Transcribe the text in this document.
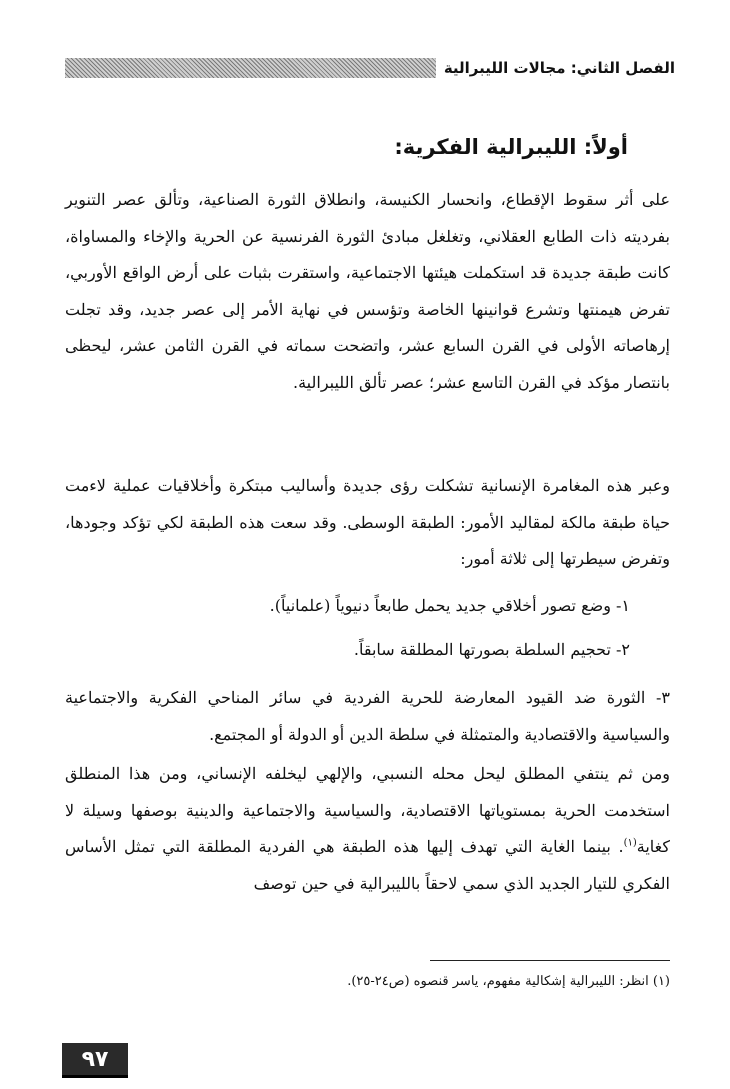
الفصل الثاني: مجالات الليبرالية
أولاً: الليبرالية الفكرية:

على أثر سقوط الإقطاع، وانحسار الكنيسة، وانطلاق الثورة الصناعية، وتألق عصر التنوير بفرديته ذات الطابع العقلاني، وتغلغل مبادئ الثورة الفرنسية عن الحرية والإخاء والمساواة، كانت طبقة جديدة قد استكملت هيئتها الاجتماعية، واستقرت بثبات على أرض الواقع الأوربي، تفرض هيمنتها وتشرع قوانينها الخاصة وتؤسس في نهاية الأمر إلى عصر جديد، وقد تجلت إرهاصاته الأولى في القرن السابع عشر، واتضحت سماته في القرن الثامن عشر، ليحظى بانتصار مؤكد في القرن التاسع عشر؛ عصر تألق الليبرالية.

وعبر هذه المغامرة الإنسانية تشكلت رؤى جديدة وأساليب مبتكرة وأخلاقيات عملية لاءمت حياة طبقة مالكة لمقاليد الأمور: الطبقة الوسطى. وقد سعت هذه الطبقة لكي تؤكد وجودها، وتفرض سيطرتها إلى ثلاثة أمور:

١- وضع تصور أخلاقي جديد يحمل طابعاً دنيوياً (علمانياً).

٢- تحجيم السلطة بصورتها المطلقة سابقاً.

٣- الثورة ضد القيود المعارضة للحرية الفردية في سائر المناحي الفكرية والاجتماعية والسياسية والاقتصادية والمتمثلة في سلطة الدين أو الدولة أو المجتمع.

ومن ثم ينتفي المطلق ليحل محله النسبي، والإلهي ليخلفه الإنساني، ومن هذا المنطلق استخدمت الحرية بمستوياتها الاقتصادية، والسياسية والاجتماعية والدينية بوصفها وسيلة لا كغاية$^{(١)}$. بينما الغاية التي تهدف إليها هذه الطبقة هي الفردية المطلقة التي تمثل الأساس الفكري للتيار الجديد الذي سمي لاحقاً بالليبرالية في حين توصف

(١) انظر: الليبرالية إشكالية مفهوم، ياسر قنصوه (ص٢٤-٢٥).
٩٧
